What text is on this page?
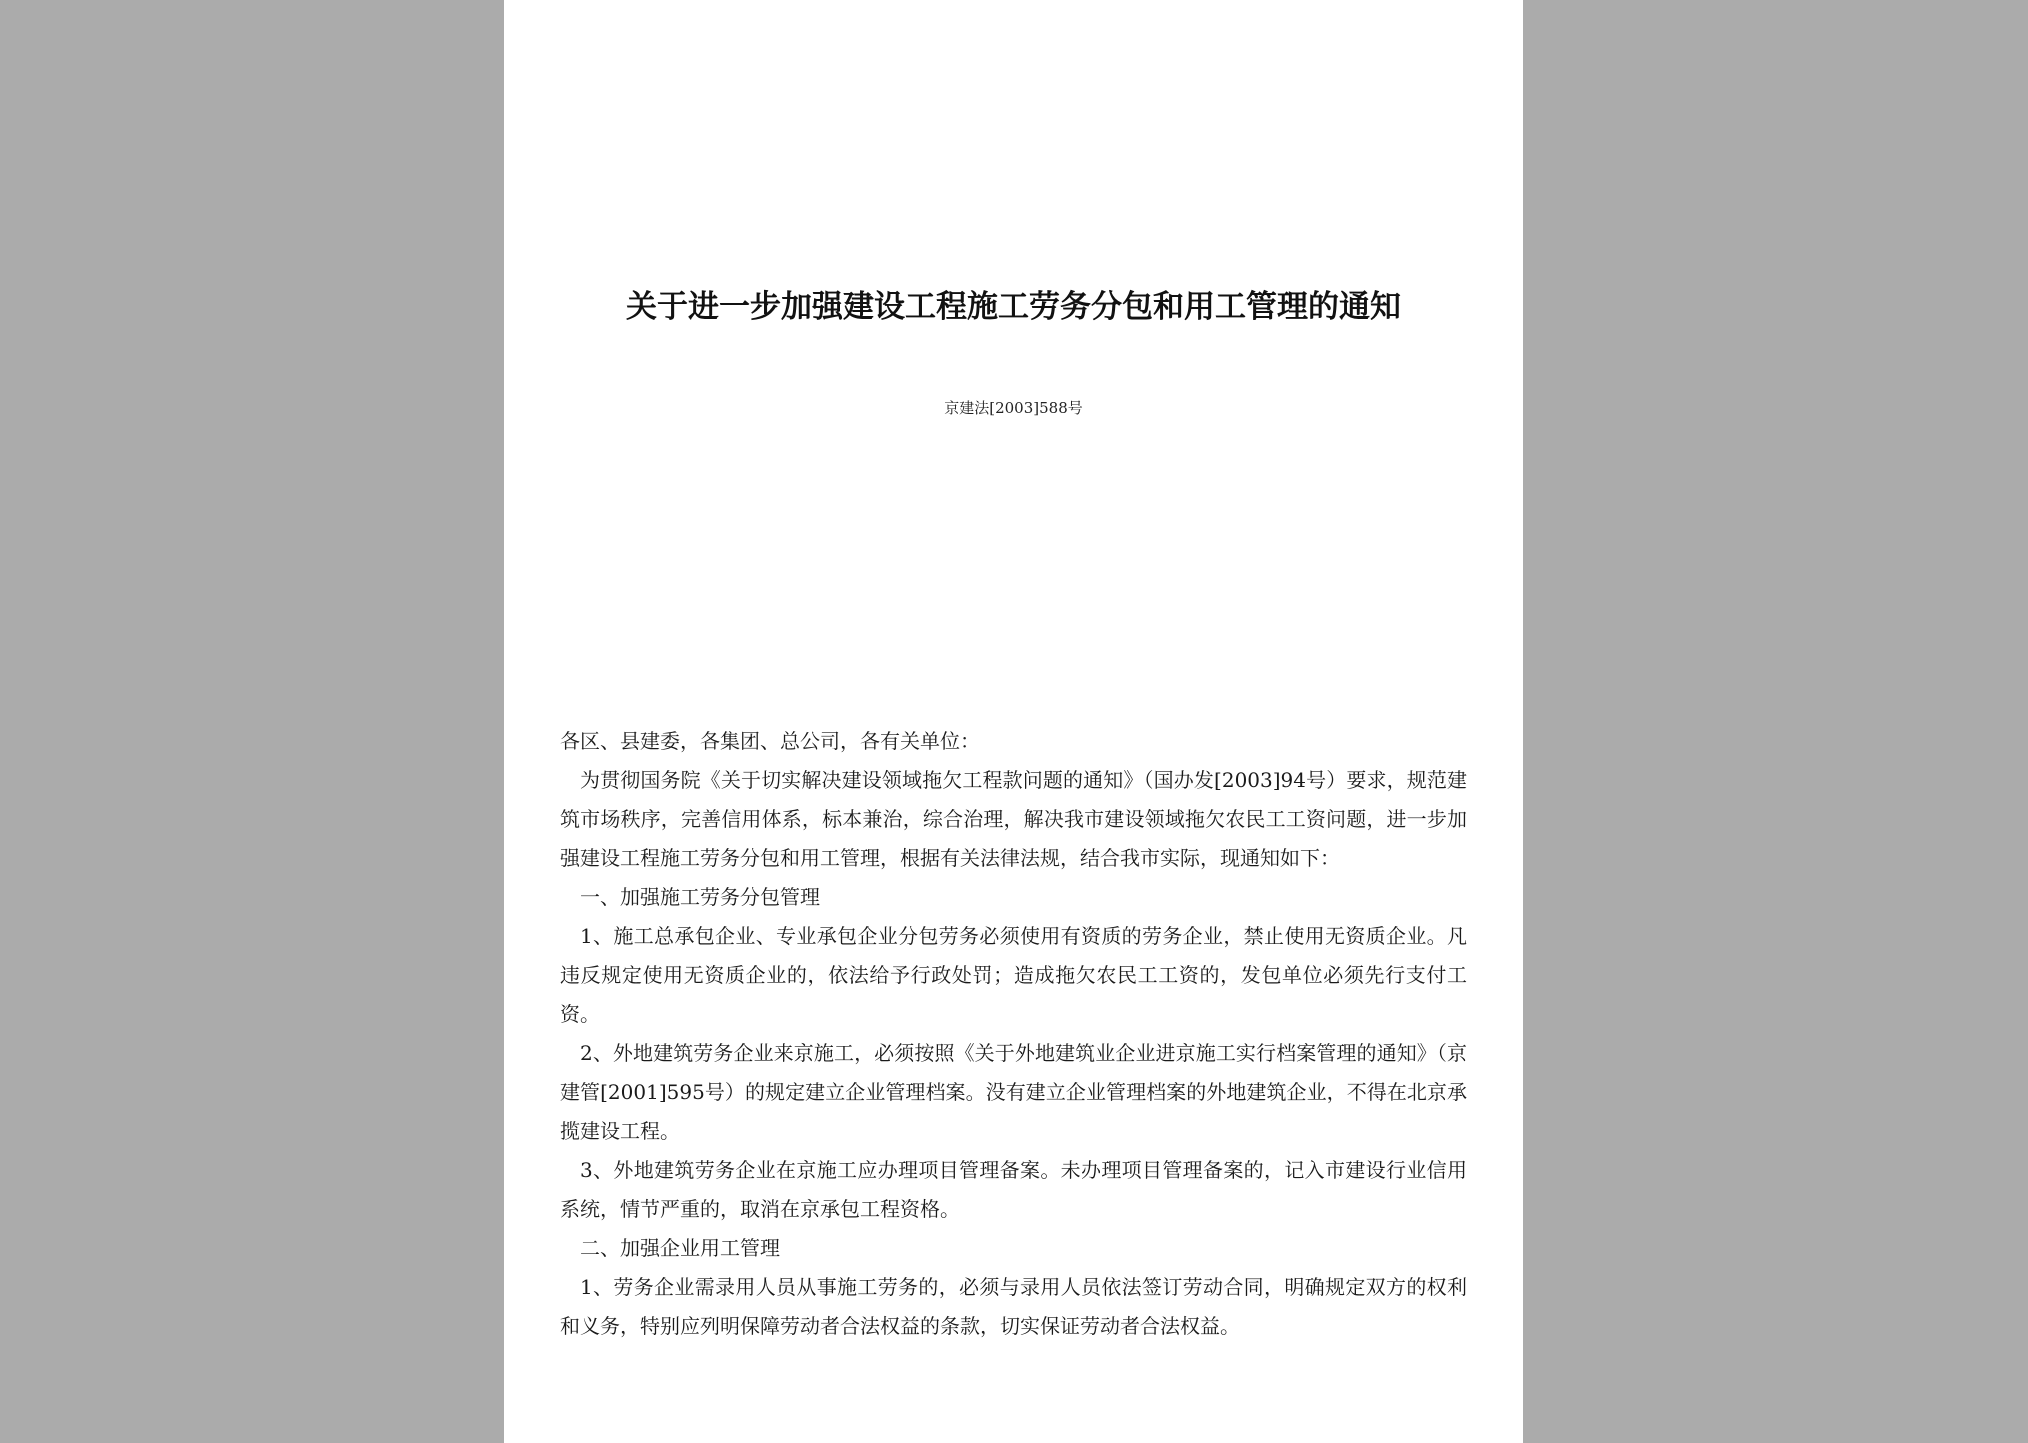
关于进一步加强建设工程施工劳务分包和用工管理的通知
京建法[2003]588号

各区、县建委，各集团、总公司，各有关单位：

为贯彻国务院《关于切实解决建设领域拖欠工程款问题的通知》（国办发[2003]94号）要求，规范建筑市场秩序，完善信用体系，标本兼治，综合治理，解决我市建设领域拖欠农民工工资问题，进一步加强建设工程施工劳务分包和用工管理，根据有关法律法规，结合我市实际，现通知如下：

一、加强施工劳务分包管理

1、施工总承包企业、专业承包企业分包劳务必须使用有资质的劳务企业，禁止使用无资质企业。凡违反规定使用无资质企业的，依法给予行政处罚；造成拖欠农民工工资的，发包单位必须先行支付工资。

2、外地建筑劳务企业来京施工，必须按照《关于外地建筑业企业进京施工实行档案管理的通知》（京建管[2001]595号）的规定建立企业管理档案。没有建立企业管理档案的外地建筑企业，不得在北京承揽建设工程。

3、外地建筑劳务企业在京施工应办理项目管理备案。未办理项目管理备案的，记入市建设行业信用系统，情节严重的，取消在京承包工程资格。

二、加强企业用工管理

1、劳务企业需录用人员从事施工劳务的，必须与录用人员依法签订劳动合同，明确规定双方的权利和义务，特别应列明保障劳动者合法权益的条款，切实保证劳动者合法权益。
